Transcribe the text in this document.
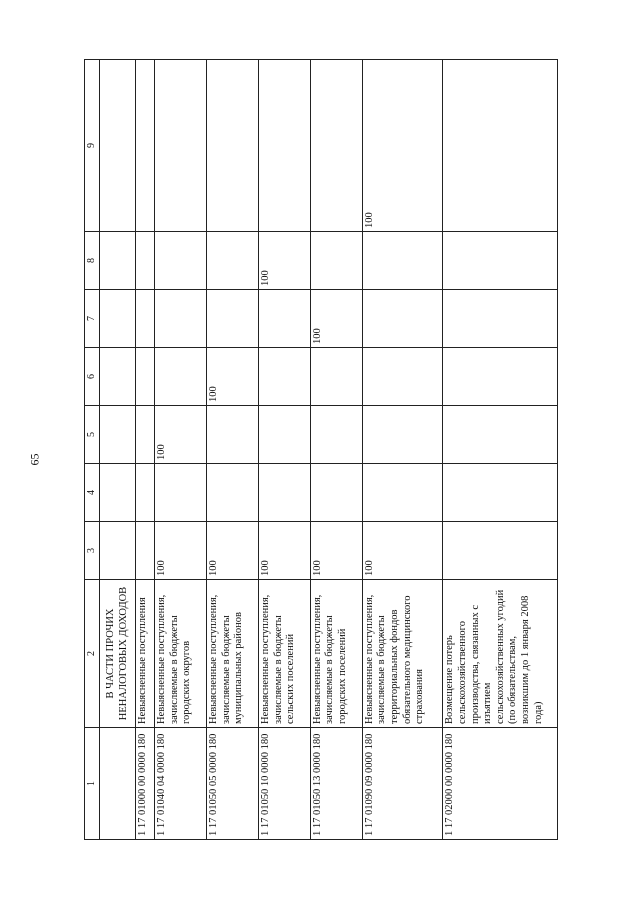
65
1	2	3	4	5	6	7	8	9
	В ЧАСТИ ПРОЧИХ НЕНАЛОГОВЫХ ДОХОДОВ							
1 17 01000 00 0000 180	Невыясненные поступления							
1 17 01040 04 0000 180	Невыясненные поступления, зачисляемые в бюджеты городских округов	100		100				
1 17 01050 05 0000 180	Невыясненные поступления, зачисляемые в бюджеты муниципальных районов	100			100			
1 17 01050 10 0000 180	Невыясненные поступления, зачисляемые в бюджеты сельских поселений	100					100	
1 17 01050 13 0000 180	Невыясненные поступления, зачисляемые в бюджеты городских поселений	100				100		
1 17 01090 09 0000 180	Невыясненные поступления, зачисляемые в бюджеты территориальных фондов обязательного медицинского страхования	100						100
1 17 02000 00 0000 180	Возмещение потерь сельскохозяйственного производства, связанных с изъятием сельскохозяйственных угодий (по обязательствам, возникшим до 1 января 2008 года)							
